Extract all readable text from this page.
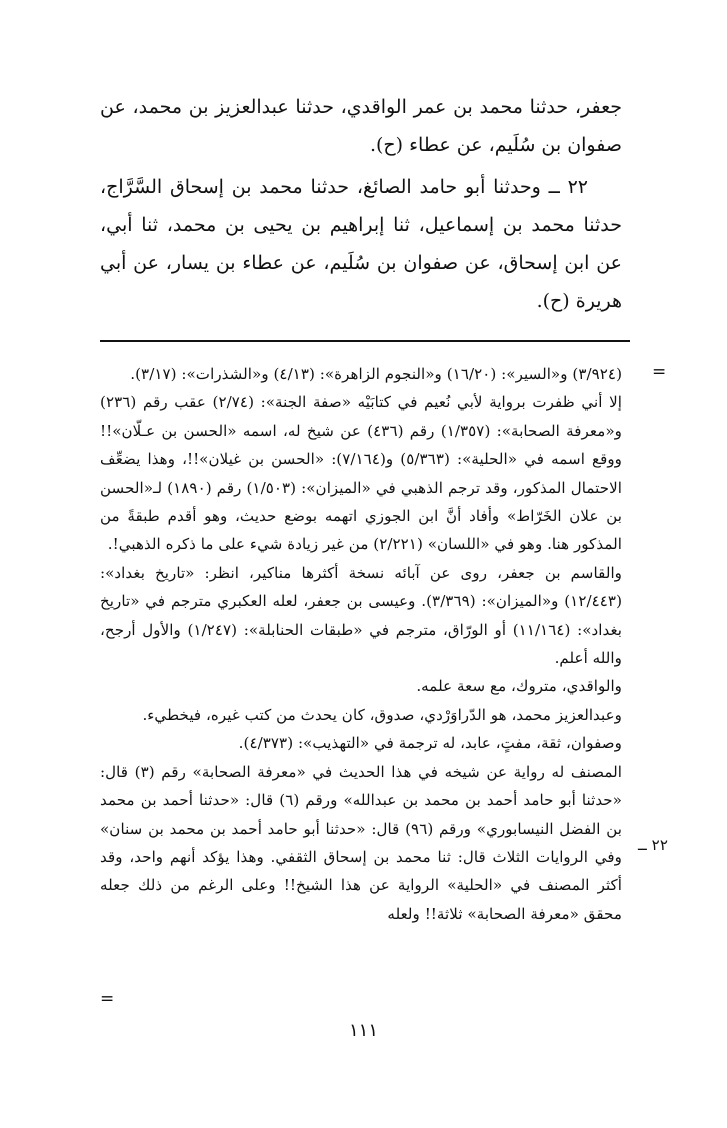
جعفر، حدثنا محمد بن عمر الواقدي، حدثنا عبدالعزيز بن محمد، عن صفوان بن سُلَيم، عن عطاء (ح).

٢٢ ــ وحدثنا أبو حامد الصائغ، حدثنا محمد بن إسحاق السَّرَّاج، حدثنا محمد بن إسماعيل، ثنا إبراهيم بن يحيى بن محمد، ثنا أبي، عن ابن إسحاق، عن صفوان بن سُلَيم، عن عطاء بن يسار، عن أبي هريرة (ح).

=

(٣/٩٢٤) و«السير»: (١٦/٢٠) و«النجوم الزاهرة»: (٤/١٣) و«الشذرات»: (٣/١٧).

إلا أني ظفرت برواية لأبي نُعيم في كتابَيْه «صفة الجنة»: (٢/٧٤) عقب رقم (٢٣٦) و«معرفة الصحابة»: (١/٣٥٧) رقم (٤٣٦) عن شيخ له، اسمه «الحسن بن عـلّان»!! ووقع اسمه في «الحلية»: (٥/٣٦٣) و(٧/١٦٤): «الحسن بن غيلان»!!، وهذا يضعِّف الاحتمال المذكور، وقد ترجم الذهبي في «الميزان»: (١/٥٠٣) رقم (١٨٩٠) لـ«الحسن بن علان الخَرّاط» وأفاد أنَّ ابن الجوزي اتهمه بوضع حديث، وهو أقدم طبقةً من المذكور هنا. وهو في «اللسان» (٢/٢٢١) من غير زيادة شيء على ما ذكره الذهبي!.

والقاسم بن جعفر، روى عن آبائه نسخة أكثرها مناكير، انظر: «تاريخ بغداد»: (١٢/٤٤٣) و«الميزان»: (٣/٣٦٩). وعيسى بن جعفر، لعله العكبري مترجم في «تاريخ بغداد»: (١١/١٦٤) أو الورّاق، مترجم في «طبقات الحنابلة»: (١/٢٤٧) والأول أرجح، والله أعلم.

والواقدي، متروك، مع سعة علمه.

وعبدالعزيز محمد، هو الدّراوَرْدي، صدوق، كان يحدث من كتب غيره، فيخطيء.

وصفوان، ثقة، مفتٍ، عابد، له ترجمة في «التهذيب»: (٤/٣٧٣).

المصنف له رواية عن شيخه في هذا الحديث في «معرفة الصحابة» رقم (٣) قال: «حدثنا أبو حامد أحمد بن محمد بن عبدالله» ورقم (٦) قال: «حدثنا أحمد بن محمد بن الفضل النيسابوري» ورقم (٩٦) قال: «حدثنا أبو حامد أحمد بن محمد بن سنان» وفي الروايات الثلاث قال: ثنا محمد بن إسحاق الثقفي. وهذا يؤكد أنهم واحد، وقد أكثر المصنف في «الحلية» الرواية عن هذا الشيخ!! وعلى الرغم من ذلك جعله محقق «معرفة الصحابة» ثلاثة!! ولعله

٢٢ ــ
=
١١١
